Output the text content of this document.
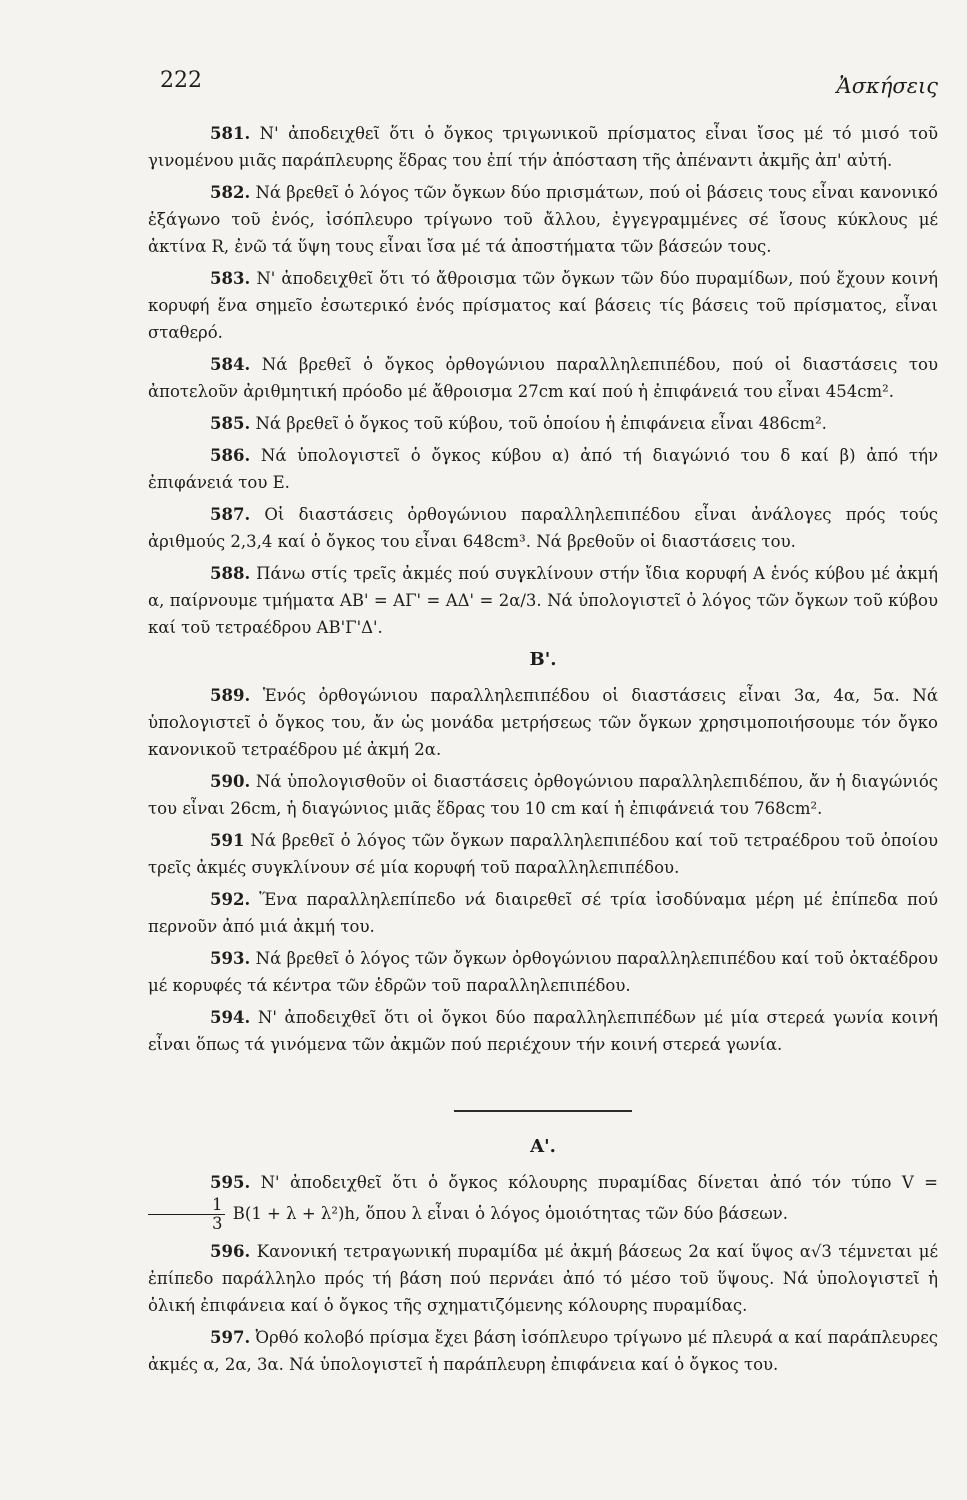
222	Ἀσκήσεις

581. Ν' ἀποδειχθεῖ ὅτι ὁ ὄγκος τριγωνικοῦ πρίσματος εἶναι ἴσος μέ τό μισό τοῦ γινομένου μιᾶς παράπλευρης ἕδρας του ἐπί τήν ἀπόσταση τῆς ἀπέναντι ἀκμῆς ἀπ' αὐτή.

582. Νά βρεθεῖ ὁ λόγος τῶν ὄγκων δύο πρισμάτων, πού οἱ βάσεις τους εἶναι κανονικό ἑξάγωνο τοῦ ἑνός, ἰσόπλευρο τρίγωνο τοῦ ἄλλου, ἐγγεγραμμένες σέ ἴσους κύκλους μέ ἀκτίνα R, ἐνῶ τά ὕψη τους εἶναι ἴσα μέ τά ἀποστήματα τῶν βάσεών τους.

583. Ν' ἀποδειχθεῖ ὅτι τό ἄθροισμα τῶν ὄγκων τῶν δύο πυραμίδων, πού ἔχουν κοινή κορυφή ἕνα σημεῖο ἐσωτερικό ἑνός πρίσματος καί βάσεις τίς βάσεις τοῦ πρίσματος, εἶναι σταθερό.

584. Νά βρεθεῖ ὁ ὄγκος ὀρθογώνιου παραλληλεπιπέδου, πού οἱ διαστάσεις του ἀποτελοῦν ἀριθμητική πρόοδο μέ ἄθροισμα 27cm καί πού ἡ ἐπιφάνειά του εἶναι 454cm².

585. Νά βρεθεῖ ὁ ὄγκος τοῦ κύβου, τοῦ ὁποίου ἡ ἐπιφάνεια εἶναι 486cm².

586. Νά ὑπολογιστεῖ ὁ ὄγκος κύβου α) ἀπό τή διαγώνιό του δ καί β) ἀπό τήν ἐπιφάνειά του Ε.

587. Οἱ διαστάσεις ὀρθογώνιου παραλληλεπιπέδου εἶναι ἀνάλογες πρός τούς ἀριθμούς 2,3,4 καί ὁ ὄγκος του εἶναι 648cm³. Νά βρεθοῦν οἱ διαστάσεις του.

588. Πάνω στίς τρεῖς ἀκμές πού συγκλίνουν στήν ἴδια κορυφή Α ἑνός κύβου μέ ἀκμή α, παίρνουμε τμήματα ΑΒ' = ΑΓ' = ΑΔ' = 2α/3. Νά ὑπολογιστεῖ ὁ λόγος τῶν ὄγκων τοῦ κύβου καί τοῦ τετραέδρου ΑΒ'Γ'Δ'.

Β'.

589. Ἑνός ὀρθογώνιου παραλληλεπιπέδου οἱ διαστάσεις εἶναι 3α, 4α, 5α. Νά ὑπολογιστεῖ ὁ ὄγκος του, ἄν ὡς μονάδα μετρήσεως τῶν ὄγκων χρησιμοποιήσουμε τόν ὄγκο κανονικοῦ τετραέδρου μέ ἀκμή 2α.

590. Νά ὑπολογισθοῦν οἱ διαστάσεις ὀρθογώνιου παραλληλεπιδέπου, ἄν ἡ διαγώνιός του εἶναι 26cm, ἡ διαγώνιος μιᾶς ἕδρας του 10 cm καί ἡ ἐπιφάνειά του 768cm².

591 Νά βρεθεῖ ὁ λόγος τῶν ὄγκων παραλληλεπιπέδου καί τοῦ τετραέδρου τοῦ ὁποίου τρεῖς ἀκμές συγκλίνουν σέ μία κορυφή τοῦ παραλληλεπιπέδου.

592. Ἕνα παραλληλεπίπεδο νά διαιρεθεῖ σέ τρία ἰσοδύναμα μέρη μέ ἐπίπεδα πού περνοῦν ἀπό μιά ἀκμή του.

593. Νά βρεθεῖ ὁ λόγος τῶν ὄγκων ὀρθογώνιου παραλληλεπιπέδου καί τοῦ ὀκταέδρου μέ κορυφές τά κέντρα τῶν ἑδρῶν τοῦ παραλληλεπιπέδου.

594. Ν' ἀποδειχθεῖ ὅτι οἱ ὄγκοι δύο παραλληλεπιπέδων μέ μία στερεά γωνία κοινή εἶναι ὅπως τά γινόμενα τῶν ἀκμῶν πού περιέχουν τήν κοινή στερεά γωνία.

Α'.

595. Ν' ἀποδειχθεῖ ὅτι ὁ ὄγκος κόλουρης πυραμίδας δίνεται ἀπό τόν τύπο V =
$\frac{1}{3} B(1 + \lambda + \lambda^2)h$, ὅπου λ εἶναι ὁ λόγος ὁμοιότητας τῶν δύο βάσεων.

596. Κανονική τετραγωνική πυραμίδα μέ ἀκμή βάσεως 2α καί ὕψος α√3 τέμνεται μέ ἐπίπεδο παράλληλο πρός τή βάση πού περνάει ἀπό τό μέσο τοῦ ὕψους. Νά ὑπολογιστεῖ ἡ ὁλική ἐπιφάνεια καί ὁ ὄγκος τῆς σχηματιζόμενης κόλουρης πυραμίδας.

597. Ὀρθό κολοβό πρίσμα ἔχει βάση ἰσόπλευρο τρίγωνο μέ πλευρά α καί παράπλευρες ἀκμές α, 2α, 3α. Νά ὑπολογιστεῖ ἡ παράπλευρη ἐπιφάνεια καί ὁ ὄγκος του.
